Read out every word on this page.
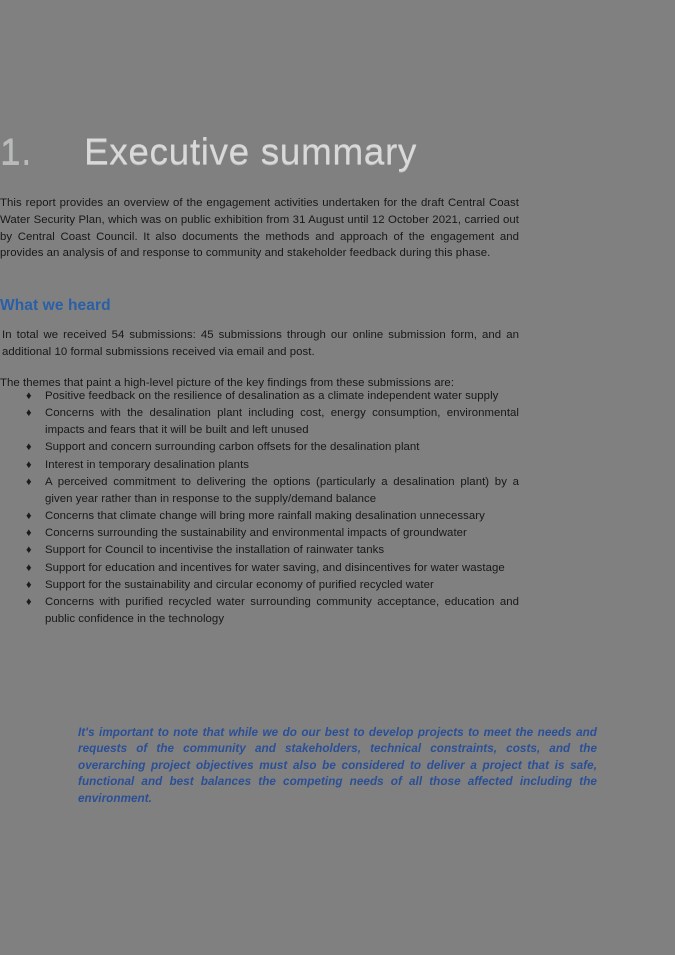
1. Executive summary

This report provides an overview of the engagement activities undertaken for the draft Central Coast Water Security Plan, which was on public exhibition from 31 August until 12 October 2021, carried out by Central Coast Council. It also documents the methods and approach of the engagement and provides an analysis of and response to community and stakeholder feedback during this phase.

What we heard

In total we received 54 submissions: 45 submissions through our online submission form, and an additional 10 formal submissions received via email and post.

The themes that paint a high-level picture of the key findings from these submissions are:

♦	Positive feedback on the resilience of desalination as a climate independent water supply
♦	Concerns with the desalination plant including cost, energy consumption, environmental impacts and fears that it will be built and left unused
♦	Support and concern surrounding carbon offsets for the desalination plant
♦	Interest in temporary desalination plants
♦	A perceived commitment to delivering the options (particularly a desalination plant) by a given year rather than in response to the supply/demand balance
♦	Concerns that climate change will bring more rainfall making desalination unnecessary
♦	Concerns surrounding the sustainability and environmental impacts of groundwater
♦	Support for Council to incentivise the installation of rainwater tanks
♦	Support for education and incentives for water saving, and disincentives for water wastage
♦	Support for the sustainability and circular economy of purified recycled water
♦	Concerns with purified recycled water surrounding community acceptance, education and public confidence in the technology

It's important to note that while we do our best to develop projects to meet the needs and requests of the community and stakeholders, technical constraints, costs, and the overarching project objectives must also be considered to deliver a project that is safe, functional and best balances the competing needs of all those affected including the environment.
